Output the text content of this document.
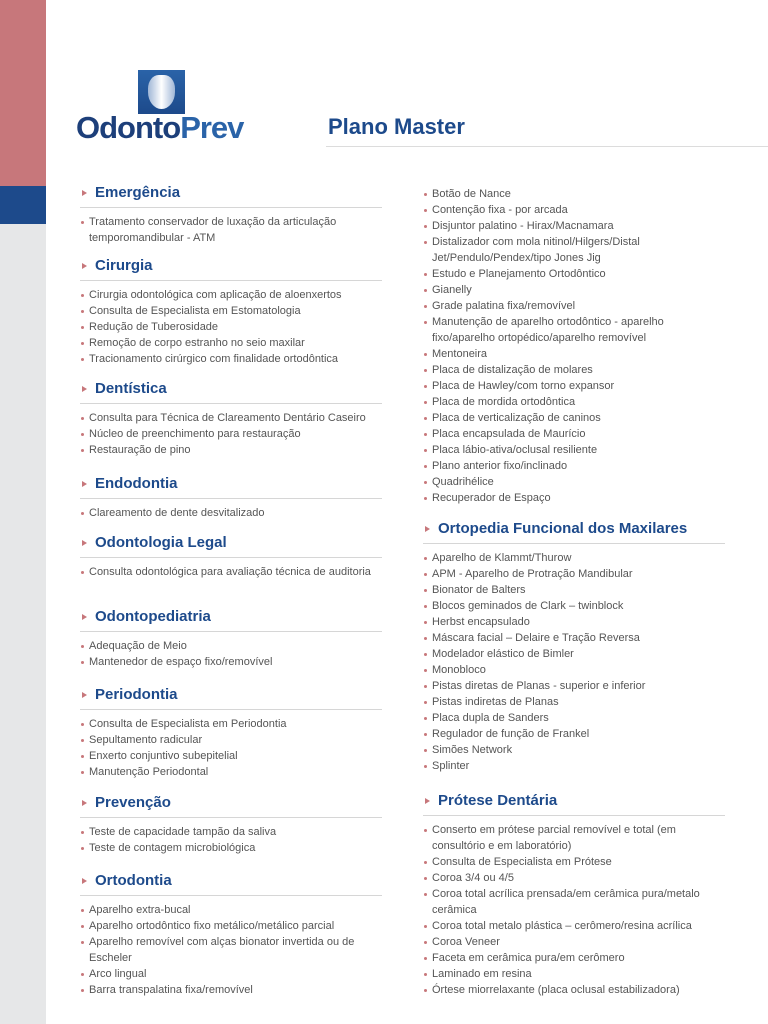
OdontoPrev	Plano Master
Emergência
Tratamento conservador de luxação da articulação temporomandibular - ATM
Cirurgia
Cirurgia odontológica com aplicação de aloenxertos
Consulta de Especialista em Estomatologia
Redução de Tuberosidade
Remoção de corpo estranho no seio maxilar
Tracionamento cirúrgico com finalidade ortodôntica
Dentística
Consulta para Técnica de Clareamento Dentário Caseiro
Núcleo de preenchimento para restauração
Restauração de pino
Endodontia
Clareamento de dente desvitalizado
Odontologia Legal
Consulta odontológica para avaliação técnica de auditoria
Odontopediatria
Adequação de Meio
Mantenedor de espaço fixo/removível
Periodontia
Consulta de Especialista em Periodontia
Sepultamento radicular
Enxerto conjuntivo subepitelial
Manutenção Periodontal
Prevenção
Teste de capacidade tampão da saliva
Teste de contagem microbiológica
Ortodontia
Aparelho extra-bucal
Aparelho ortodôntico fixo metálico/metálico parcial
Aparelho removível com alças bionator invertida ou de Escheler
Arco lingual
Barra transpalatina fixa/removível
Botão de Nance
Contenção fixa - por arcada
Disjuntor palatino - Hirax/Macnamara
Distalizador com mola nitinol/Hilgers/Distal Jet/Pendulo/Pendex/tipo Jones Jig
Estudo e Planejamento Ortodôntico
Gianelly
Grade palatina fixa/removível
Manutenção de aparelho ortodôntico - aparelho fixo/aparelho ortopédico/aparelho removível
Mentoneira
Placa de distalização de molares
Placa de Hawley/com torno expansor
Placa de mordida ortodôntica
Placa de verticalização de caninos
Placa encapsulada de Maurício
Placa lábio-ativa/oclusal resiliente
Plano anterior fixo/inclinado
Quadrihélice
Recuperador de Espaço
Ortopedia Funcional dos Maxilares
Aparelho de Klammt/Thurow
APM - Aparelho de Protração Mandibular
Bionator de Balters
Blocos geminados de Clark – twinblock
Herbst encapsulado
Máscara facial – Delaire e Tração Reversa
Modelador elástico de Bimler
Monobloco
Pistas diretas de Planas - superior e inferior
Pistas indiretas de Planas
Placa dupla de Sanders
Regulador de função de Frankel
Simões Network
Splinter
Prótese Dentária
Conserto em prótese parcial removível e total (em consultório e em laboratório)
Consulta de Especialista em Prótese
Coroa 3/4 ou 4/5
Coroa total acrílica prensada/em cerâmica pura/metalo cerâmica
Coroa total metalo plástica – cerômero/resina acrílica
Coroa Veneer
Faceta em cerâmica pura/em cerômero
Laminado em resina
Órtese miorrelaxante (placa oclusal estabilizadora)
